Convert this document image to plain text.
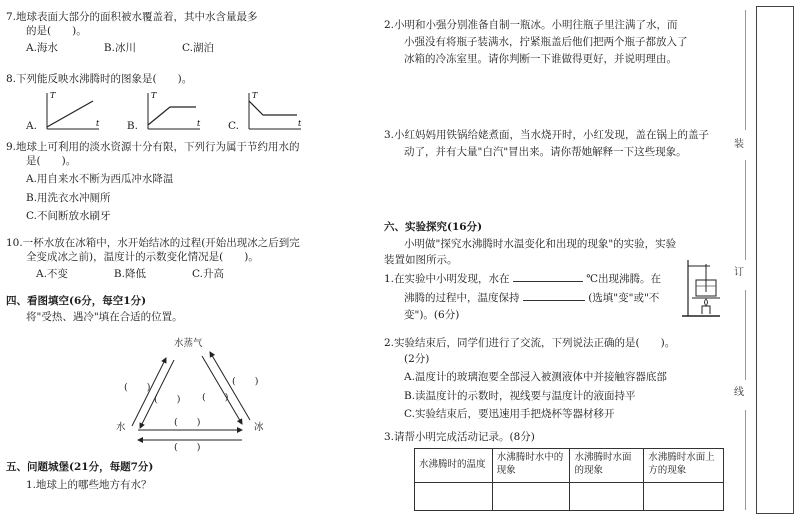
7.地球表面大部分的面积被水覆盖着，其中水含量最多
的是(　　)。
A.海水	B.冰川	C.湖泊
8.下列能反映水沸腾时的图象是(　　)。
A.
T
t	B.
T
t	C.
T
t
9.地球上可利用的淡水资源十分有限，下列行为属于节约用水的
是(　　)。
A.用自来水不断为西瓜冲水降温
B.用洗衣水冲厕所
C.不间断放水刷牙
10.一杯水放在冰箱中，水开始结冰的过程(开始出现冰之后到完
全变成冰之前)，温度计的示数变化情况是(　　)。
A.不变	B.降低	C.升高
四、看图填空(6分，每空1分)
将"受热、遇冷"填在合适的位置。
水蒸气
水	冰
(　　)
(　　) (　　)
(　　)
(　　)
(　　)
五、问题城堡(21分，每题7分)
1.地球上的哪些地方有水？
2.小明和小强分别准备自制一瓶冰。小明往瓶子里注满了水，而
小强没有将瓶子装满水，拧紧瓶盖后他们把两个瓶子都放入了
冰箱的冷冻室里。请你判断一下谁做得更好，并说明理由。
3.小红妈妈用铁锅给姥煮面，当水烧开时，小红发现，盖在锅上的盖子
动了，并有大量"白汽"冒出来。请你帮她解释一下这些现象。
六、实验探究(16分)
小明做"探究水沸腾时水温变化和出现的现象"的实验，实验
装置如图所示。
1.在实验中小明发现，水在	℃出现沸腾。在
沸腾的过程中，温度保持	(选填"变"或"不
变")。(6分)
2.实验结束后，同学们进行了交流，下列说法正确的是(　　)。
(2分)
A.温度计的玻璃泡要全部浸入被测液体中并接触容器底部
B.读温度计的示数时，视线要与温度计的液面持平
C.实验结束后，要迅速用手把烧杯等器材移开
3.请帮小明完成活动记录。(8分)
水沸腾时的温度	水沸腾时水中的现象	水沸腾时水面的现象	水沸腾时水面上方的现象

装
订
线
